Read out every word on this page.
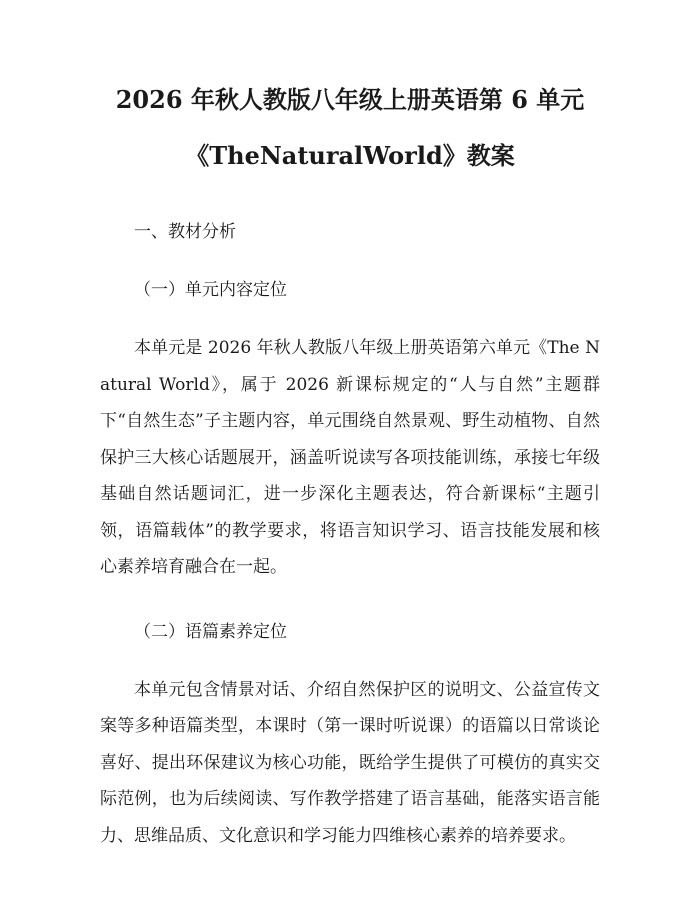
2026 年秋人教版八年级上册英语第 6 单元
《TheNaturalWorld》教案

一、教材分析

（一）单元内容定位

本单元是 2026 年秋人教版八年级上册英语第六单元《The Natural World》，属于 2026 新课标规定的“人与自然”主题群下“自然生态”子主题内容，单元围绕自然景观、野生动植物、自然保护三大核心话题展开，涵盖听说读写各项技能训练，承接七年级基础自然话题词汇，进一步深化主题表达，符合新课标“主题引领，语篇载体”的教学要求，将语言知识学习、语言技能发展和核心素养培育融合在一起。

（二）语篇素养定位

本单元包含情景对话、介绍自然保护区的说明文、公益宣传文案等多种语篇类型，本课时（第一课时听说课）的语篇以日常谈论喜好、提出环保建议为核心功能，既给学生提供了可模仿的真实交际范例，也为后续阅读、写作教学搭建了语言基础，能落实语言能力、思维品质、文化意识和学习能力四维核心素养的培养要求。
